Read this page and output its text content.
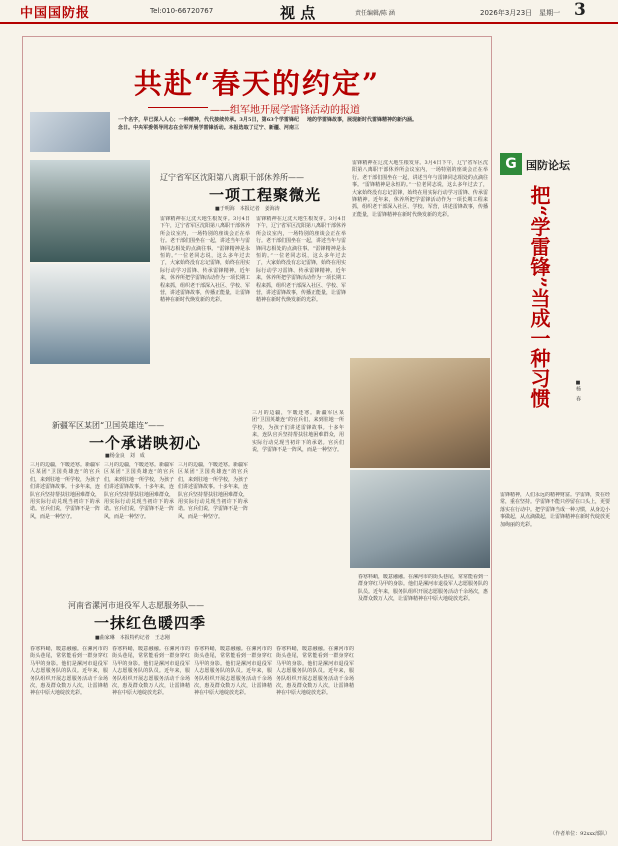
中国国防报	Tel:010-66720767	视 点	责任编辑/陈 涵	2026年3月23日　星期一 3
共赴“春天的约定”
——组军地开展学雷锋活动的报道
一个名字，早已深入人心；一种精神，代代接续传承。3月5日，第63个学雷锋纪念日。中央军委领导同志在全军开展学雷锋活动。本报选取了辽宁、新疆、河南三地的学雷锋故事，展现新时代雷锋精神的新内涵。
辽宁省军区沈阳第八离职干部休养所——
一项工程聚微光
■于明海　本报记者　姜海涛
雷锋精神在辽沈大地生根发芽。3月4日下午，辽宁省军区沈阳第八离职干部休养所会议室内，一场特别的座谈会正在举行。老干部们围坐在一起，讲述当年与雷锋同志相处的点滴往事。“雷锋精神是永恒的。”一位老同志说，这么多年过去了，大家始终没有忘记雷锋，始终在用实际行动学习雷锋、传承雷锋精神。近年来，休养所把学雷锋活动作为一项长期工程来抓，组织老干部深入社区、学校、军营，讲述雷锋故事，传播正能量，让雷锋精神在新时代焕发新的光彩。
雷锋精神在辽沈大地生根发芽。3月4日下午，辽宁省军区沈阳第八离职干部休养所会议室内，一场特别的座谈会正在举行。老干部们围坐在一起，讲述当年与雷锋同志相处的点滴往事。“雷锋精神是永恒的。”一位老同志说，这么多年过去了，大家始终没有忘记雷锋，始终在用实际行动学习雷锋、传承雷锋精神。近年来，休养所把学雷锋活动作为一项长期工程来抓，组织老干部深入社区、学校、军营，讲述雷锋故事，传播正能量，让雷锋精神在新时代焕发新的光彩。
雷锋精神在辽沈大地生根发芽。3月4日下午，辽宁省军区沈阳第八离职干部休养所会议室内，一场特别的座谈会正在举行。老干部们围坐在一起，讲述当年与雷锋同志相处的点滴往事。“雷锋精神是永恒的。”一位老同志说，这么多年过去了，大家始终没有忘记雷锋，始终在用实际行动学习雷锋、传承雷锋精神。近年来，休养所把学雷锋活动作为一项长期工程来抓，组织老干部深入社区、学校、军营，讲述雷锋故事，传播正能量，让雷锋精神在新时代焕发新的光彩。
新疆军区某团“卫国英雄连”——
一个承诺映初心
■杨金良　刘　成
三月的边疆，乍暖还寒。新疆军区某团“卫国英雄连”的官兵们，来到驻地一所学校，为孩子们讲述雷锋故事。十多年来，连队官兵坚持帮扶驻地困难群众，用实际行动兑现当初许下的承诺。官兵们说，学雷锋不是一阵风，而是一种坚守。
三月的边疆，乍暖还寒。新疆军区某团“卫国英雄连”的官兵们，来到驻地一所学校，为孩子们讲述雷锋故事。十多年来，连队官兵坚持帮扶驻地困难群众，用实际行动兑现当初许下的承诺。官兵们说，学雷锋不是一阵风，而是一种坚守。
三月的边疆，乍暖还寒。新疆军区某团“卫国英雄连”的官兵们，来到驻地一所学校，为孩子们讲述雷锋故事。十多年来，连队官兵坚持帮扶驻地困难群众，用实际行动兑现当初许下的承诺。官兵们说，学雷锋不是一阵风，而是一种坚守。
三月的边疆，乍暖还寒。新疆军区某团“卫国英雄连”的官兵们，来到驻地一所学校，为孩子们讲述雷锋故事。十多年来，连队官兵坚持帮扶驻地困难群众，用实际行动兑现当初许下的承诺。官兵们说，学雷锋不是一阵风，而是一种坚守。
河南省漯河市退役军人志愿服务队——
一抹红色暖四季
■曲家琳　本报特约记者　王志刚
春寒料峭，暖意融融。在漯河市的街头巷尾，常常能看到一群身穿红马甲的身影。他们是漯河市退役军人志愿服务队的队员。近年来，服务队组织开展志愿服务活动千余场次，惠及群众数万人次，让雷锋精神在中原大地绽放光彩。
春寒料峭，暖意融融。在漯河市的街头巷尾，常常能看到一群身穿红马甲的身影。他们是漯河市退役军人志愿服务队的队员。近年来，服务队组织开展志愿服务活动千余场次，惠及群众数万人次，让雷锋精神在中原大地绽放光彩。
春寒料峭，暖意融融。在漯河市的街头巷尾，常常能看到一群身穿红马甲的身影。他们是漯河市退役军人志愿服务队的队员。近年来，服务队组织开展志愿服务活动千余场次，惠及群众数万人次，让雷锋精神在中原大地绽放光彩。
春寒料峭，暖意融融。在漯河市的街头巷尾，常常能看到一群身穿红马甲的身影。他们是漯河市退役军人志愿服务队的队员。近年来，服务队组织开展志愿服务活动千余场次，惠及群众数万人次，让雷锋精神在中原大地绽放光彩。
春寒料峭，暖意融融。在漯河市的街头巷尾，常常能看到一群身穿红马甲的身影。他们是漯河市退役军人志愿服务队的队员。近年来，服务队组织开展志愿服务活动千余场次，惠及群众数万人次，让雷锋精神在中原大地绽放光彩。
G 国防论坛
把“学雷锋”当成一种习惯	■杨　春
雷锋精神，人们永远的精神财富。学雷锋，贵在经常，重在坚持。学雷锋不能只停留在口头上，更要落实在行动中。把学雷锋当成一种习惯，从身边小事做起，从点滴做起，让雷锋精神在新时代绽放更加绚丽的光彩。
（作者单位：92xxx部队）
